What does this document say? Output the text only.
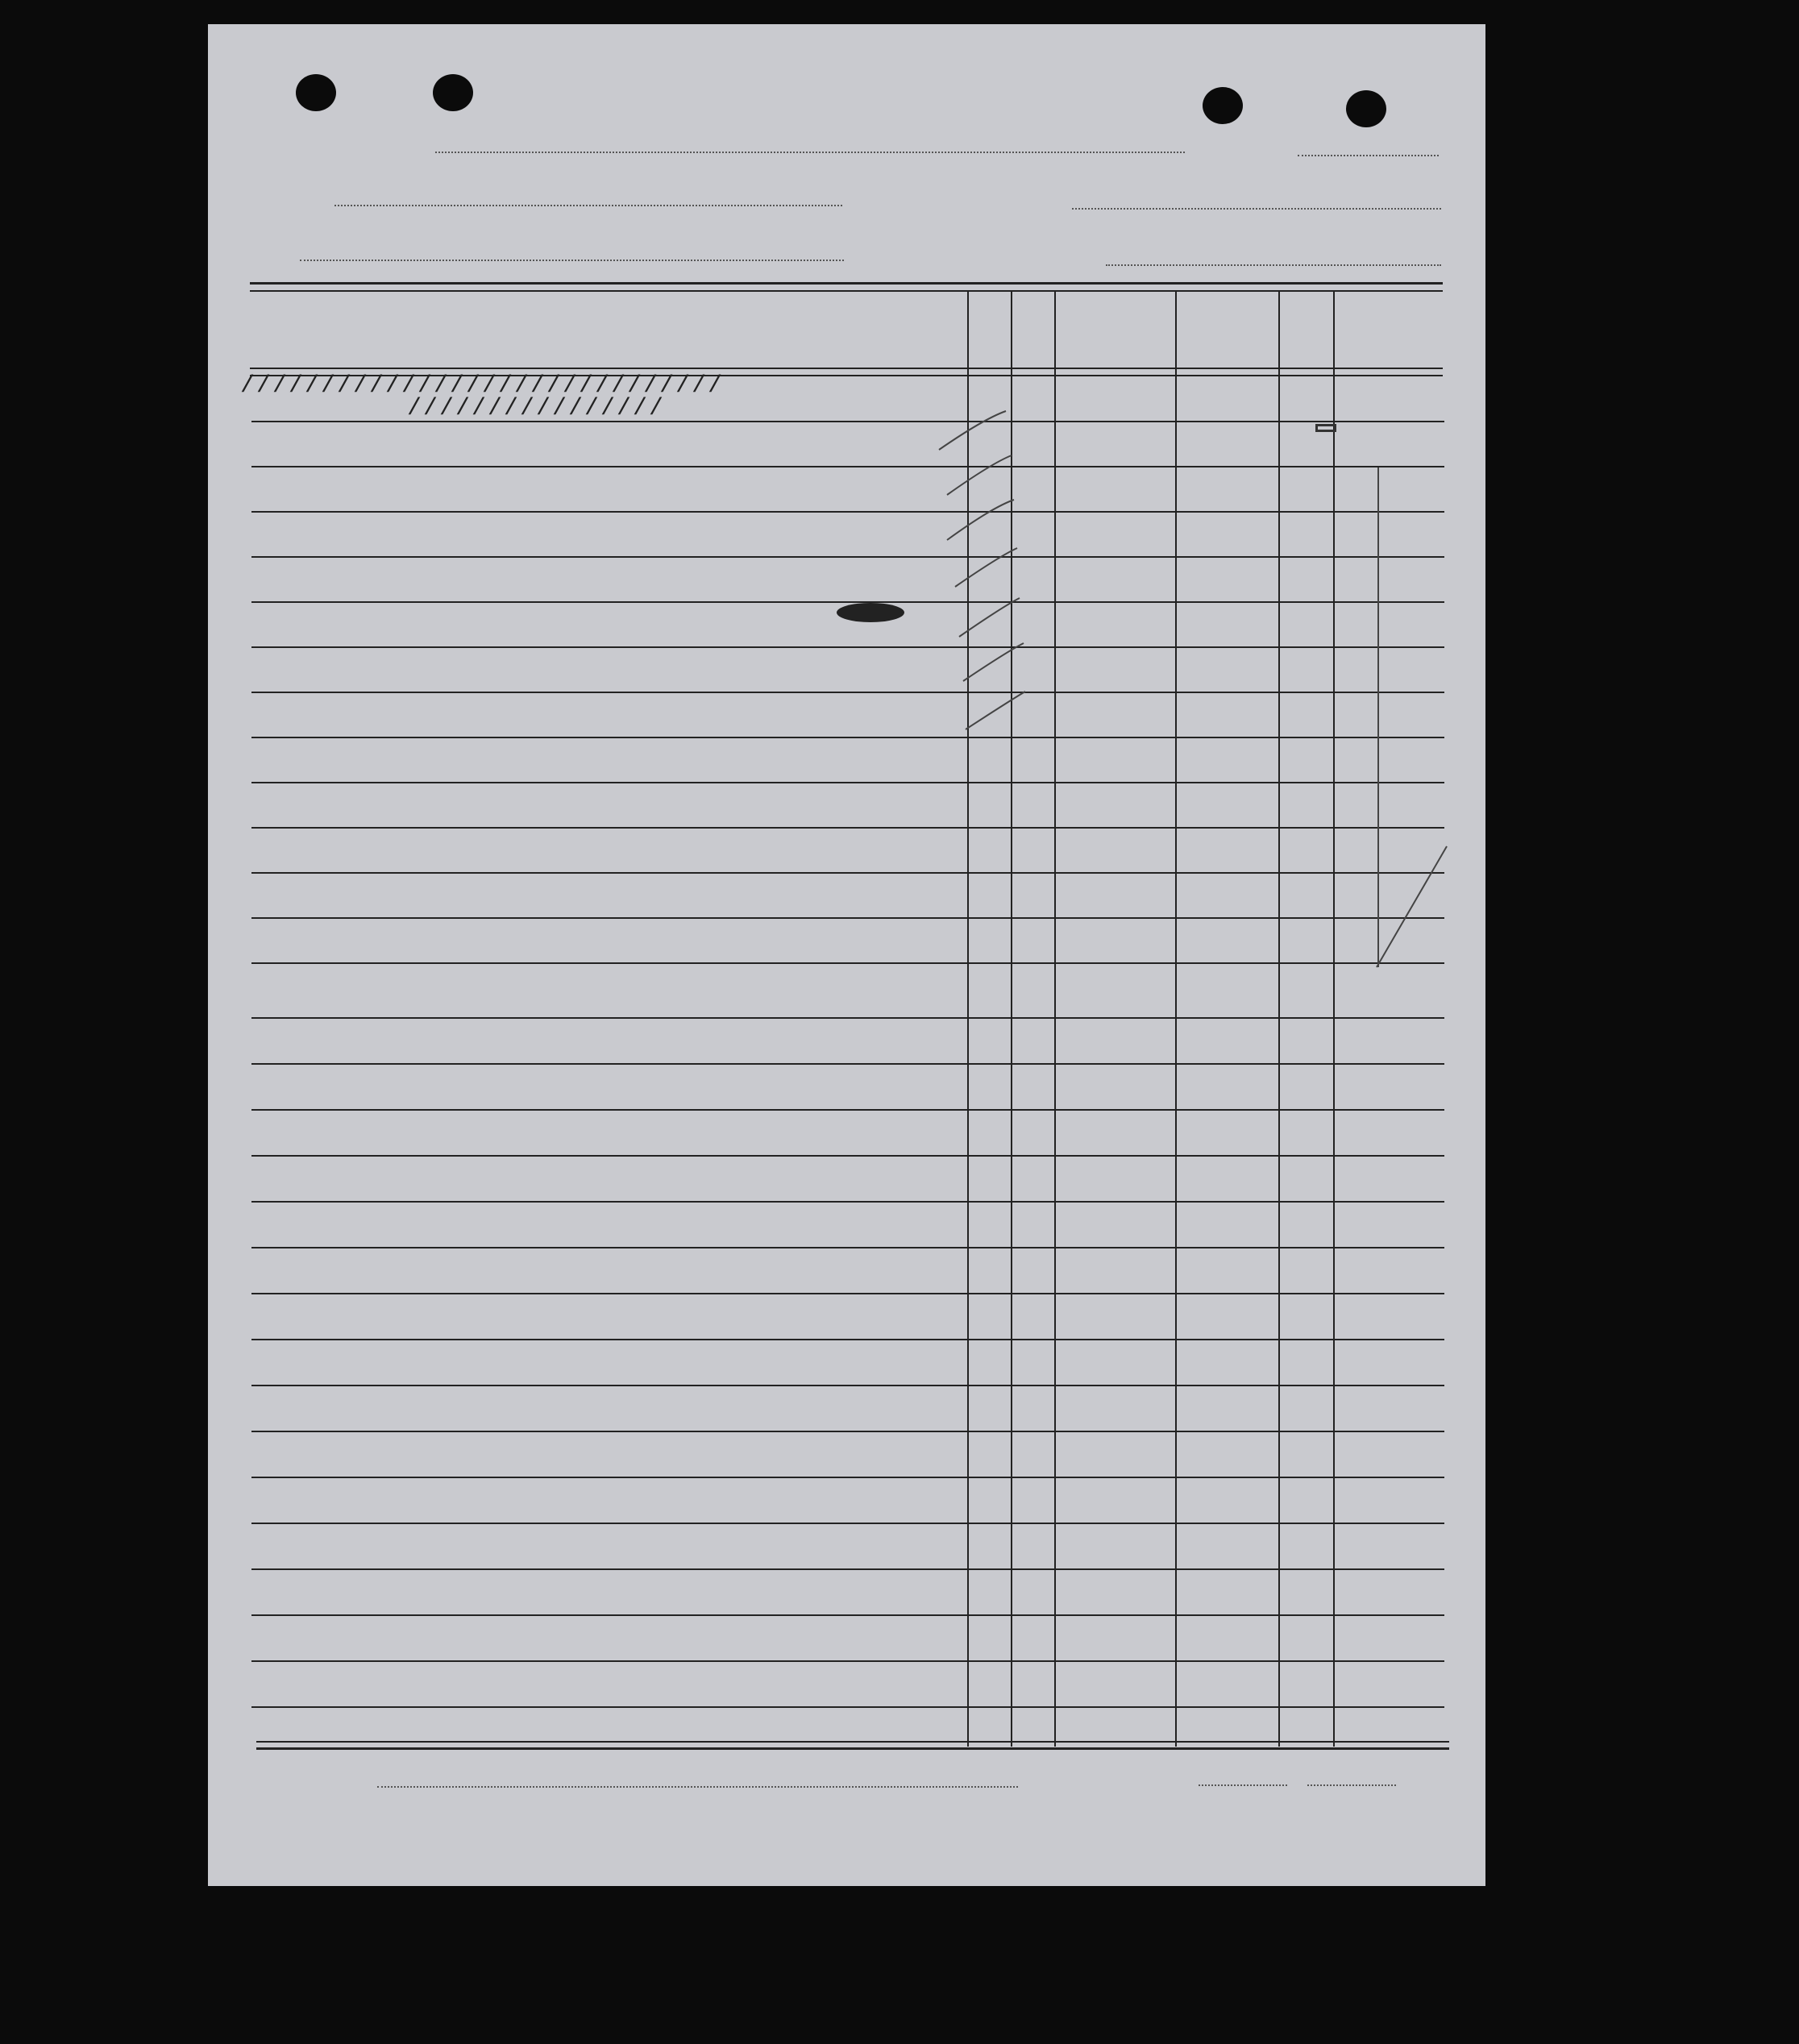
//////////////////////////////
////////////////
